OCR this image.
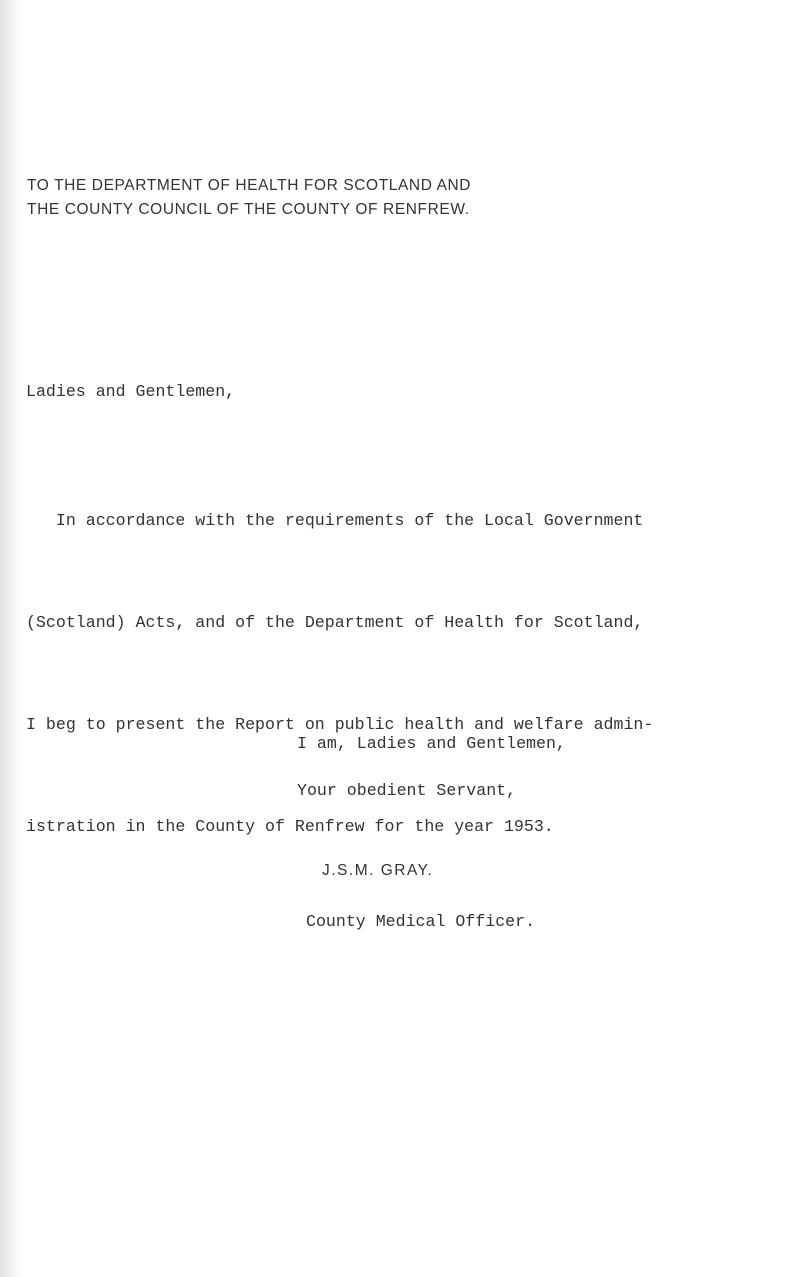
TO THE DEPARTMENT OF HEALTH FOR SCOTLAND AND
THE COUNTY COUNCIL OF THE COUNTY OF RENFREW.
Ladies and Gentlemen,

In accordance with the requirements of the Local Government

(Scotland) Acts, and of the Department of Health for Scotland,

I beg to present the Report on public health and welfare admin-

istration in the County of Renfrew for the year 1953.

I am, Ladies and Gentlemen,
Your obedient Servant,
J.S.M. GRAY.
County Medical Officer.
